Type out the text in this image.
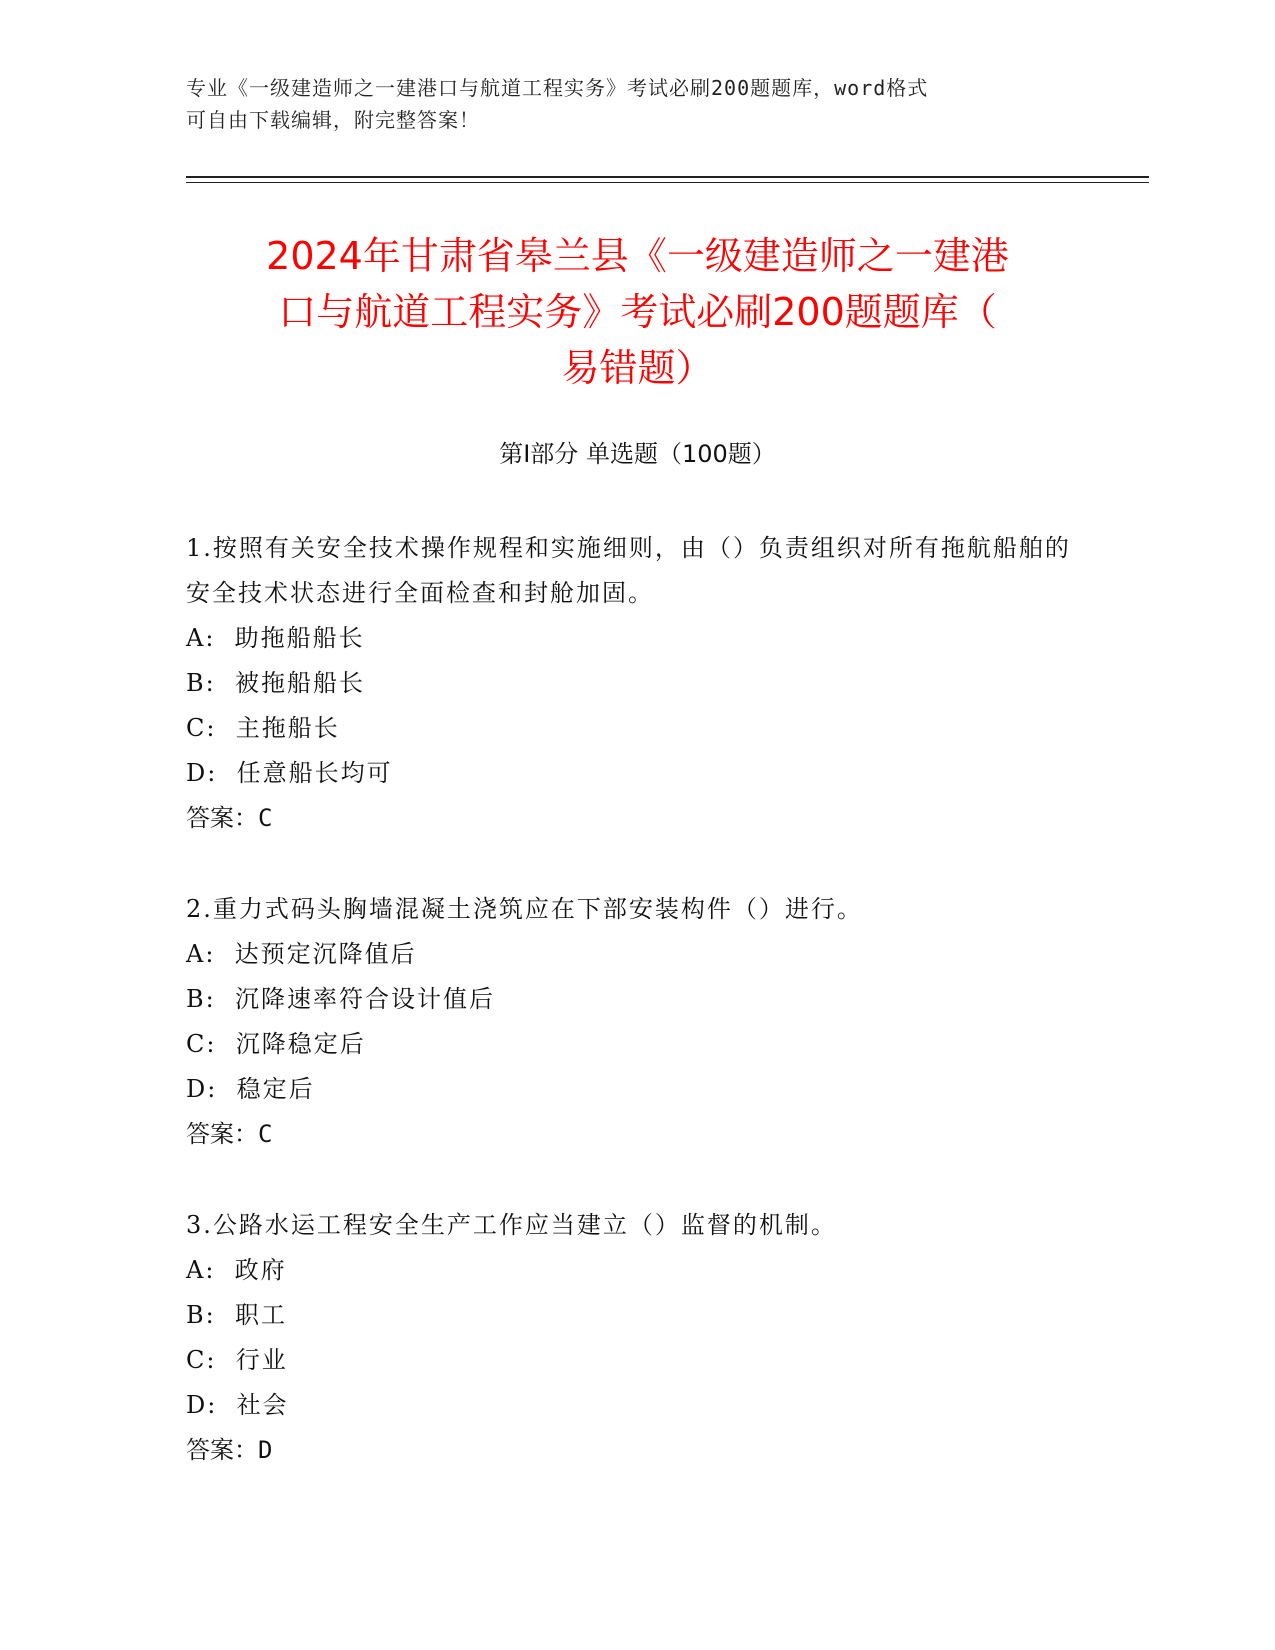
专业《一级建造师之一建港口与航道工程实务》考试必刷200题题库，word格式
可自由下载编辑，附完整答案！
2024年甘肃省皋兰县《一级建造师之一建港
口与航道工程实务》考试必刷200题题库（
易错题）
第Ⅰ部分 单选题（100题）

1.按照有关安全技术操作规程和实施细则，由（）负责组织对所有拖航船舶的安全技术状态进行全面检查和封舱加固。

A:  助拖船船长
B:  被拖船船长
C:  主拖船长
D:  任意船长均可
答案：C

2.重力式码头胸墙混凝土浇筑应在下部安装构件（）进行。

A:  达预定沉降值后
B:  沉降速率符合设计值后
C:  沉降稳定后
D:  稳定后
答案：C

3.公路水运工程安全生产工作应当建立（）监督的机制。

A:  政府
B:  职工
C:  行业
D:  社会
答案：D
